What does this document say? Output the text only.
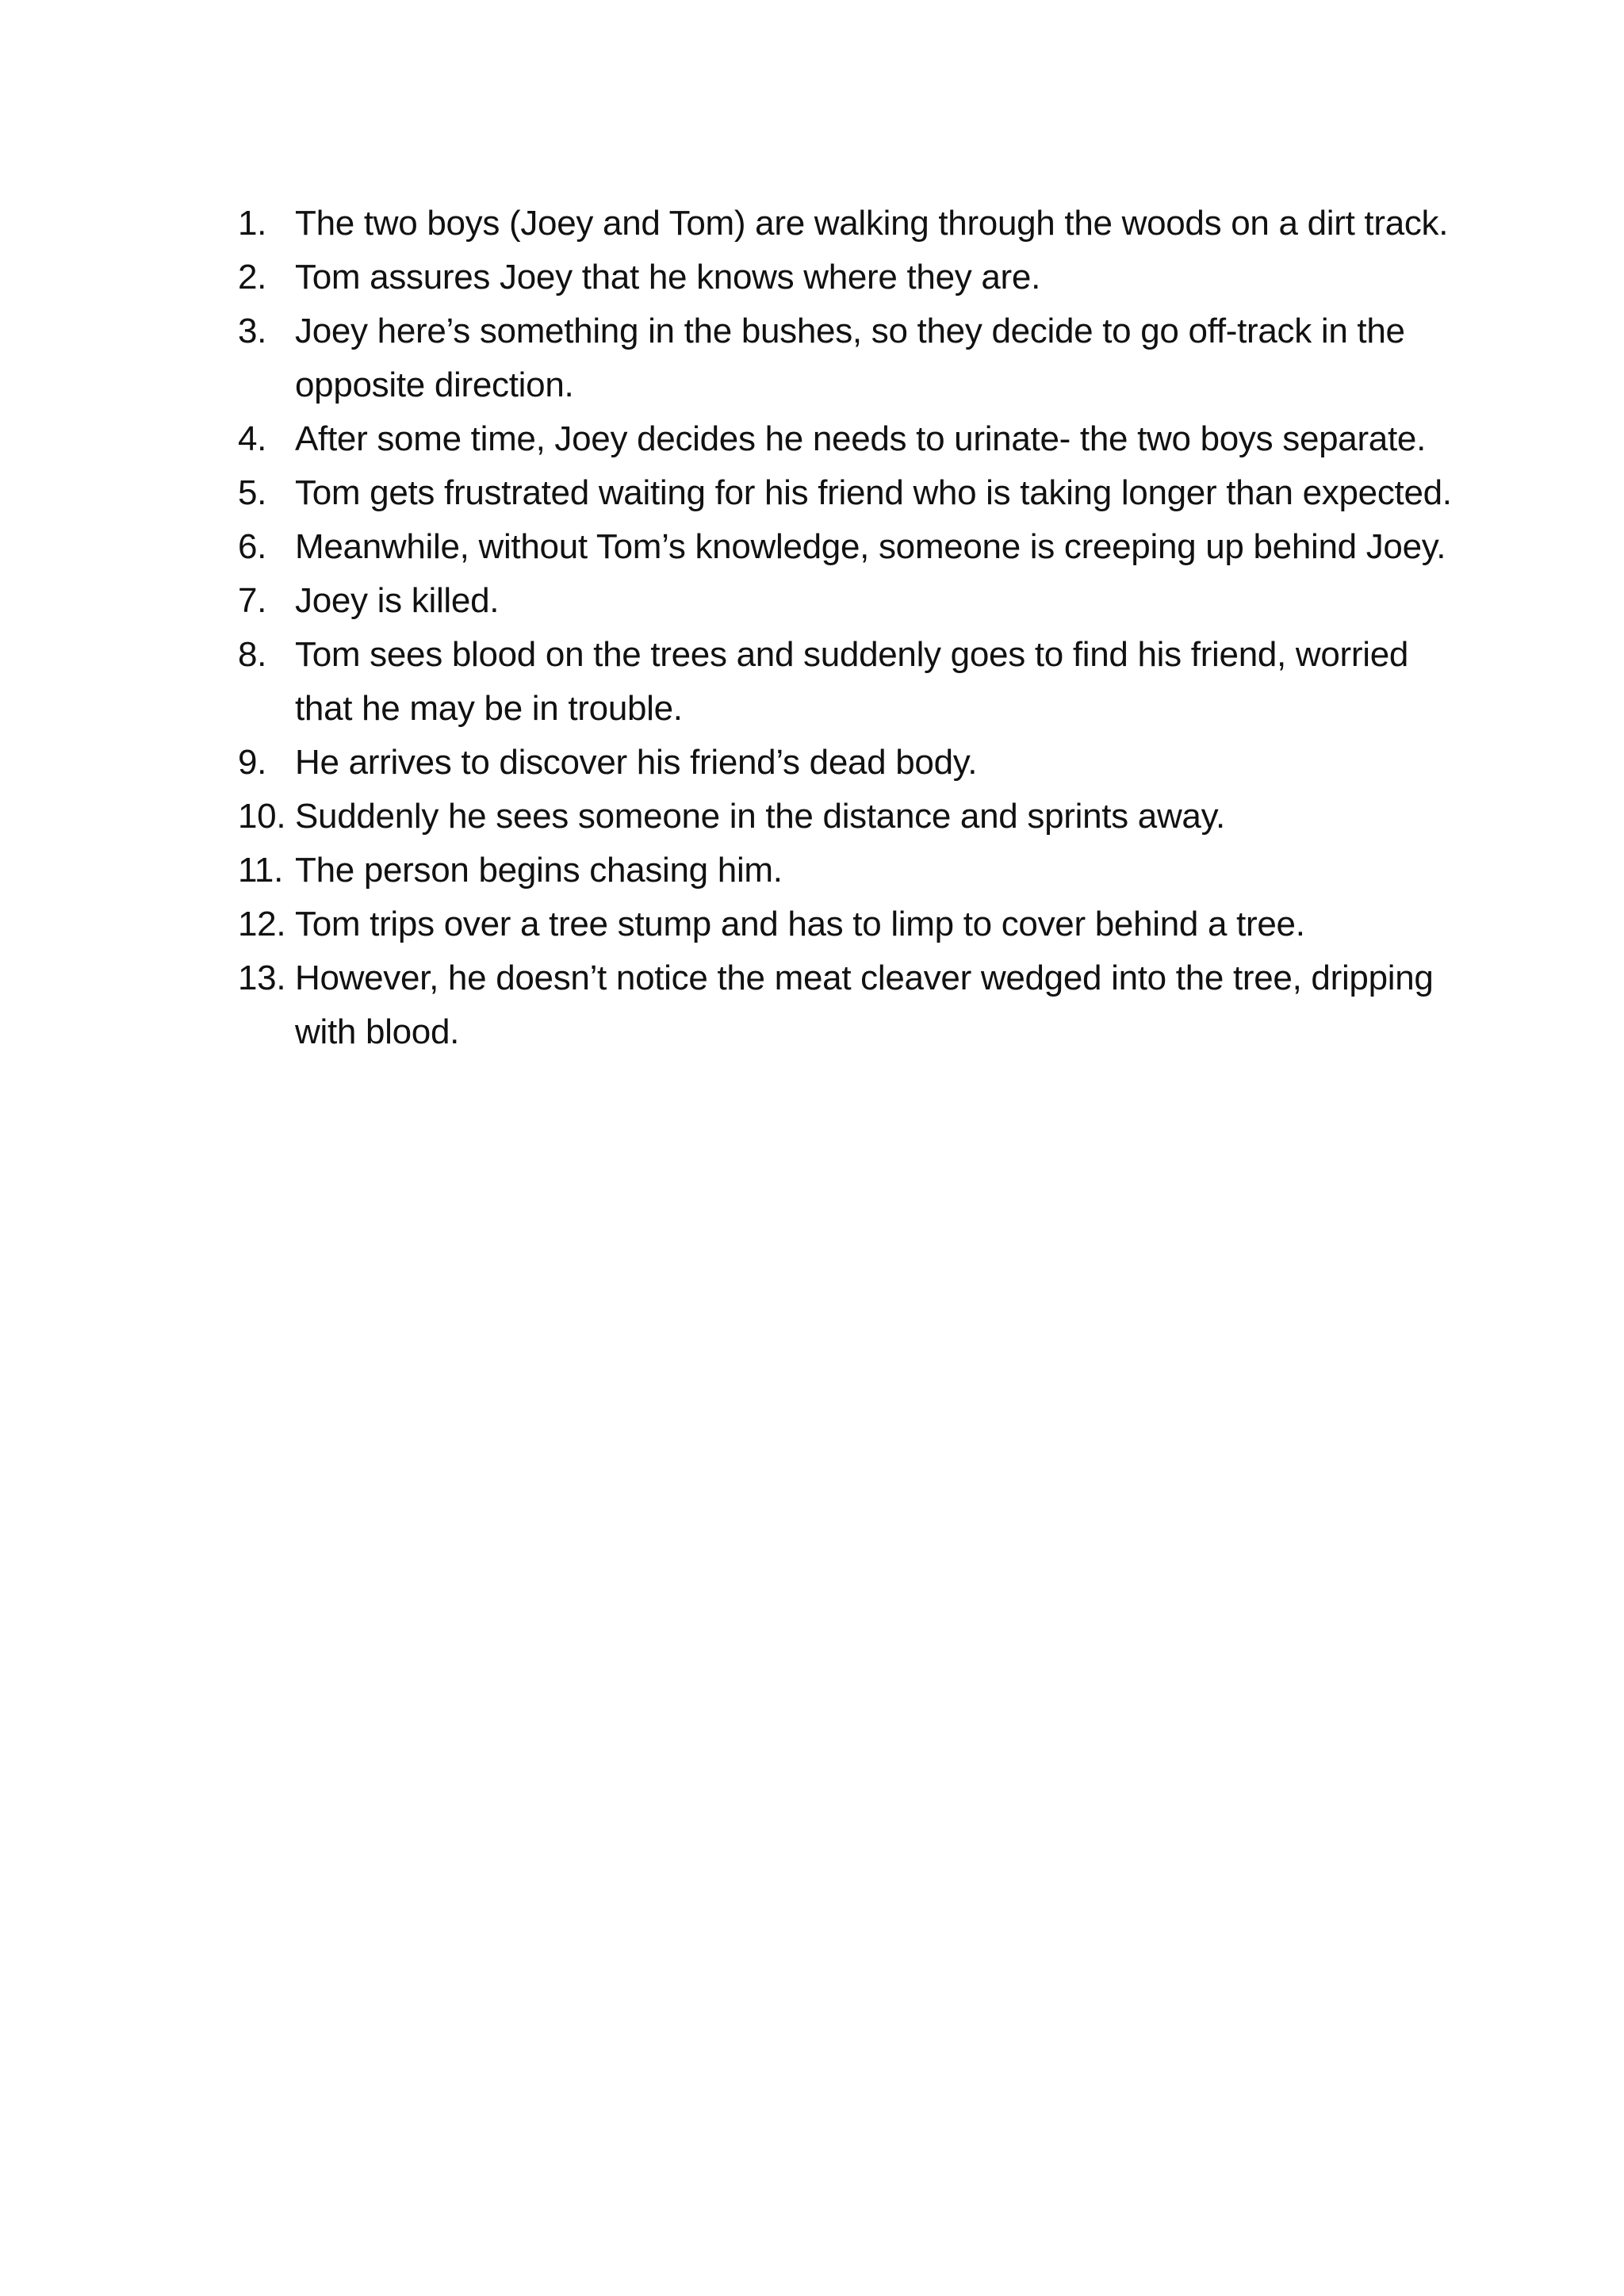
1. The two boys (Joey and Tom) are walking through the woods on a dirt track.
2. Tom assures Joey that he knows where they are.
3. Joey here’s something in the bushes, so they decide to go off-track in the opposite direction.
4. After some time, Joey decides he needs to urinate- the two boys separate.
5. Tom gets frustrated waiting for his friend who is taking longer than expected.
6. Meanwhile, without Tom’s knowledge, someone is creeping up behind Joey.
7. Joey is killed.
8. Tom sees blood on the trees and suddenly goes to find his friend, worried that he may be in trouble.
9. He arrives to discover his friend’s dead body.
10. Suddenly he sees someone in the distance and sprints away.
11. The person begins chasing him.
12. Tom trips over a tree stump and has to limp to cover behind a tree.
13. However, he doesn’t notice the meat cleaver wedged into the tree, dripping with blood.
